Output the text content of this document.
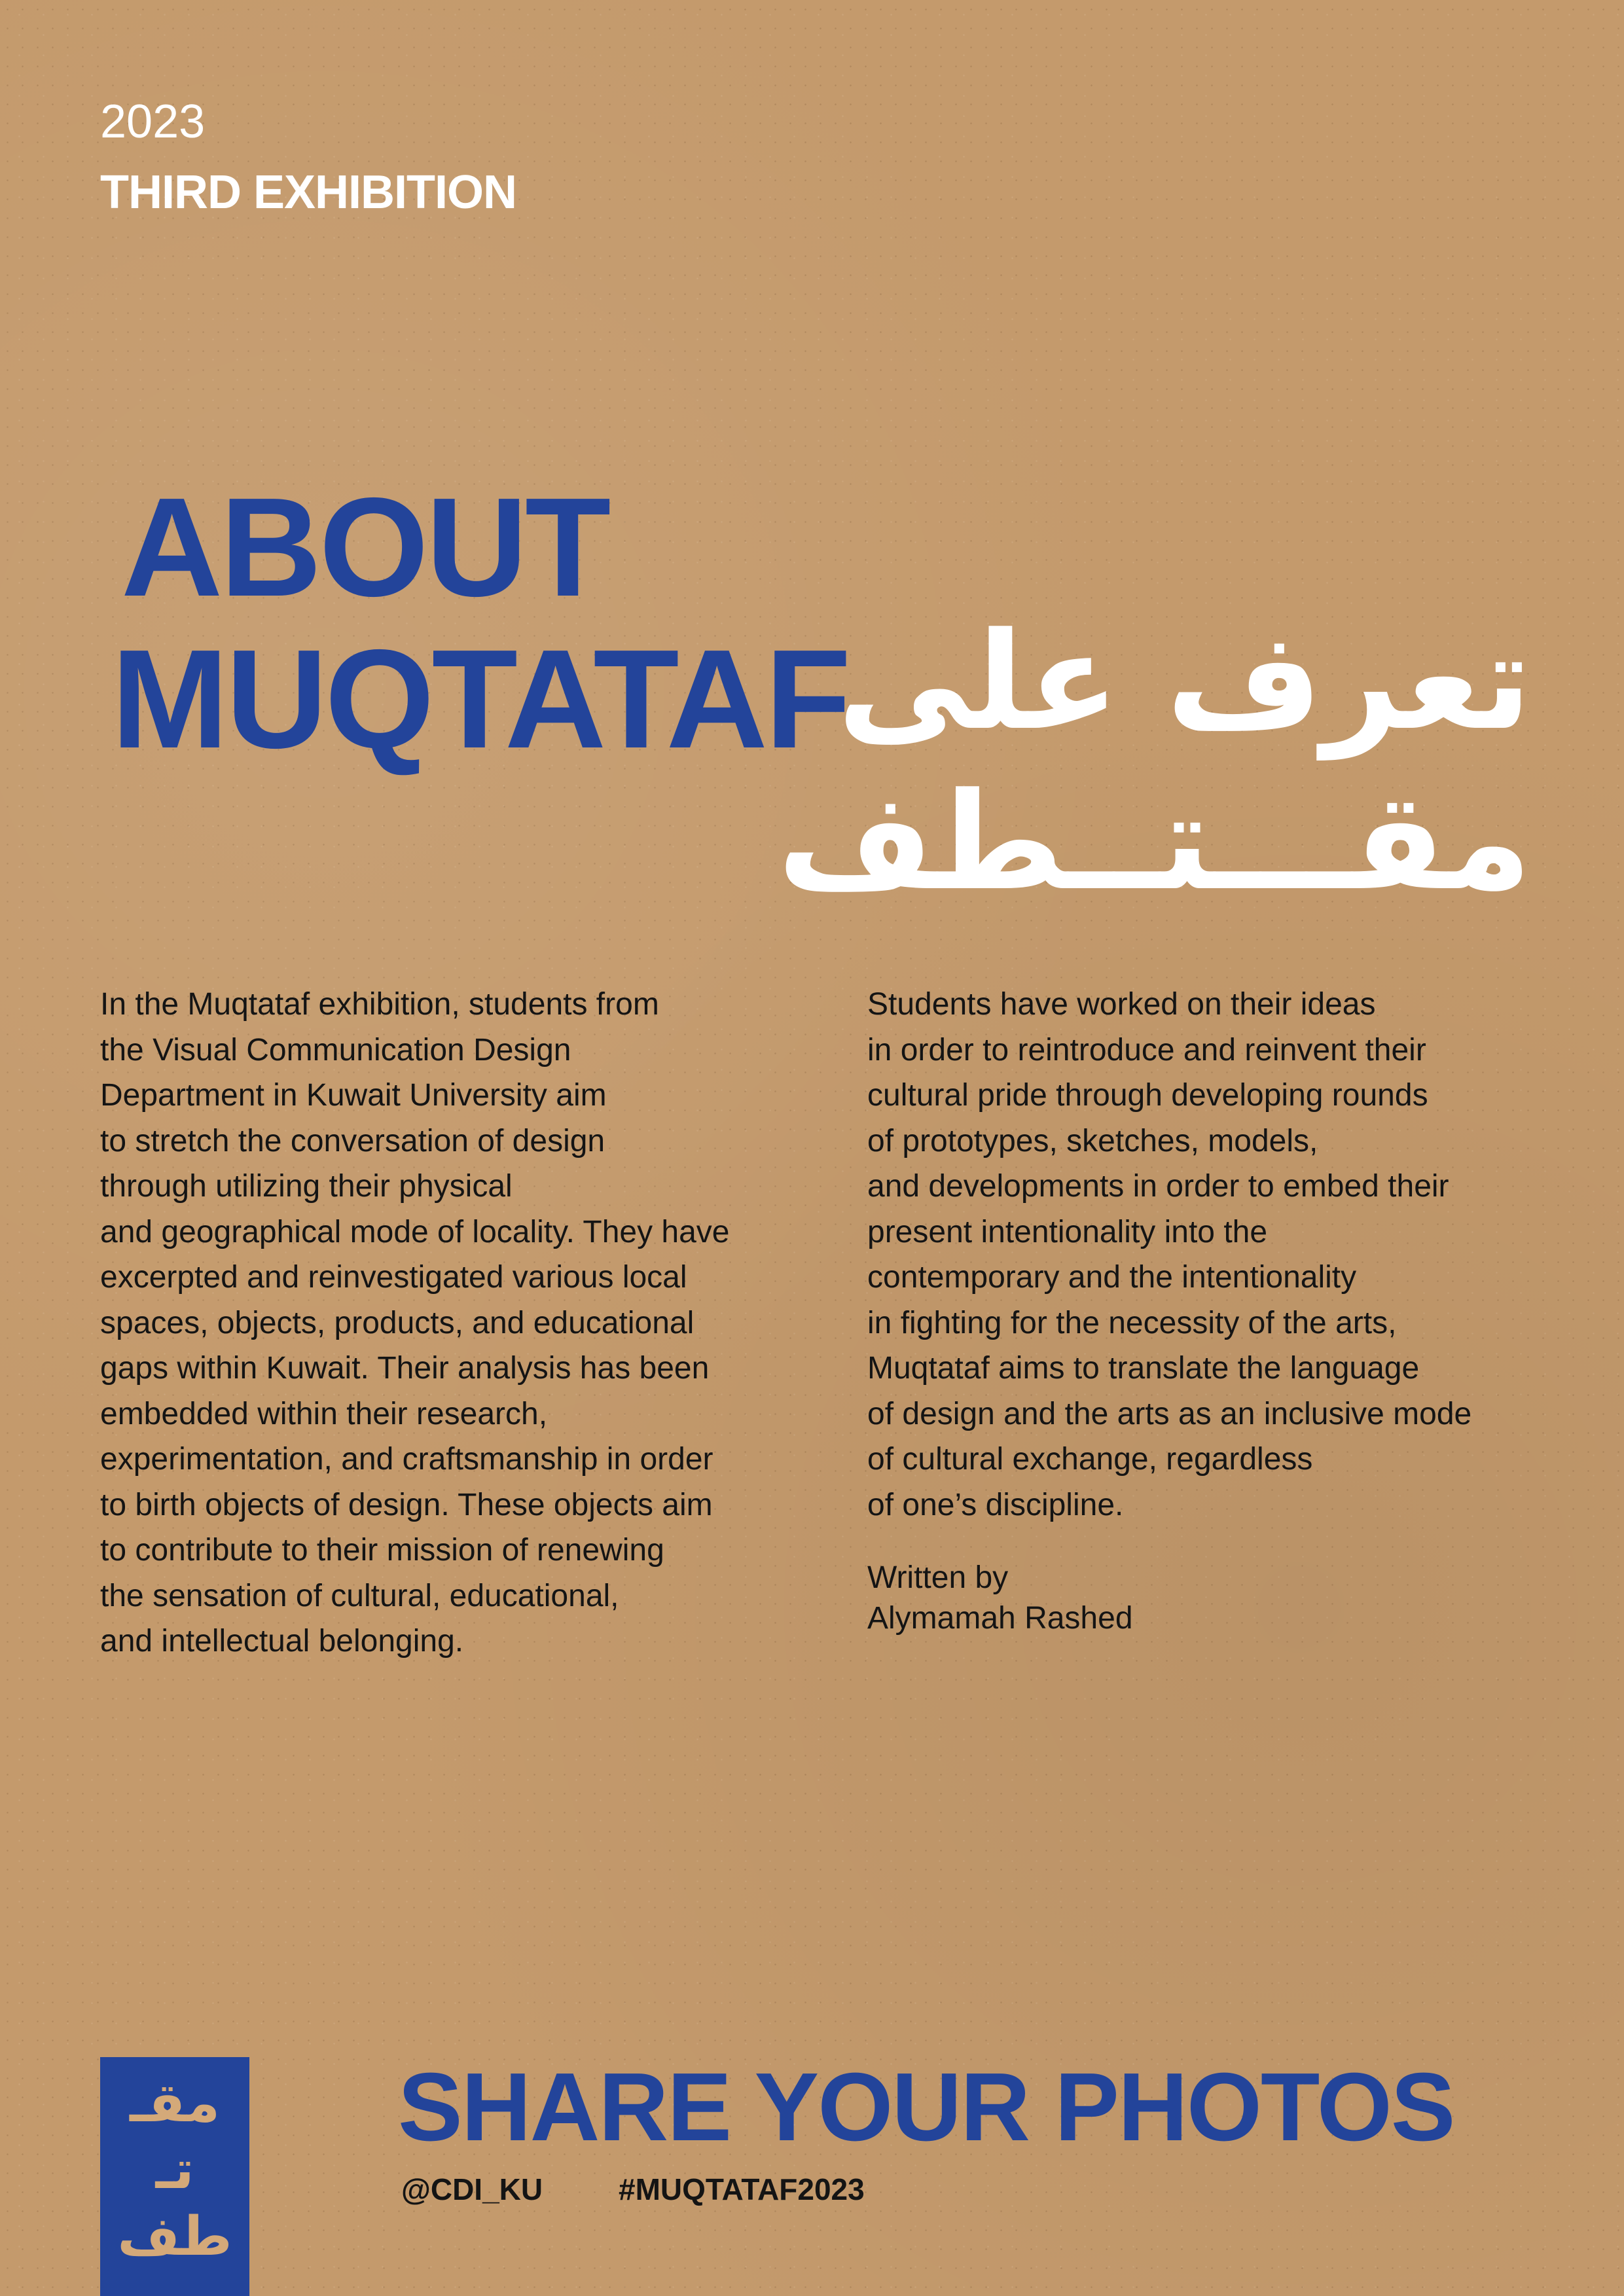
2023
THIRD EXHIBITION
ABOUT
MUQTATAF
تعرف على
مقـــتــطف
In the Muqtataf exhibition, students from
the Visual Communication Design
Department in Kuwait University aim
to stretch the conversation of design
through utilizing their physical
and geographical mode of locality. They have
excerpted and reinvestigated various local
spaces, objects, products, and educational
gaps within Kuwait. Their analysis has been
embedded within their research,
experimentation, and craftsmanship in order
to birth objects of design. These objects aim
to contribute to their mission of renewing
the sensation of cultural, educational,
and intellectual belonging.
Students have worked on their ideas
in order to reintroduce and reinvent their
cultural pride through developing rounds
of prototypes, sketches, models,
and developments in order to embed their
present intentionality into the
contemporary and the intentionality
in fighting for the necessity of the arts,
Muqtataf aims to translate the language
of design and the arts as an inclusive mode
of cultural exchange, regardless
of one’s discipline.
Written by
Alymamah Rashed
مقـ
تـ
طف
SHARE YOUR PHOTOS
@CDI_KU	#MUQTATAF2023
